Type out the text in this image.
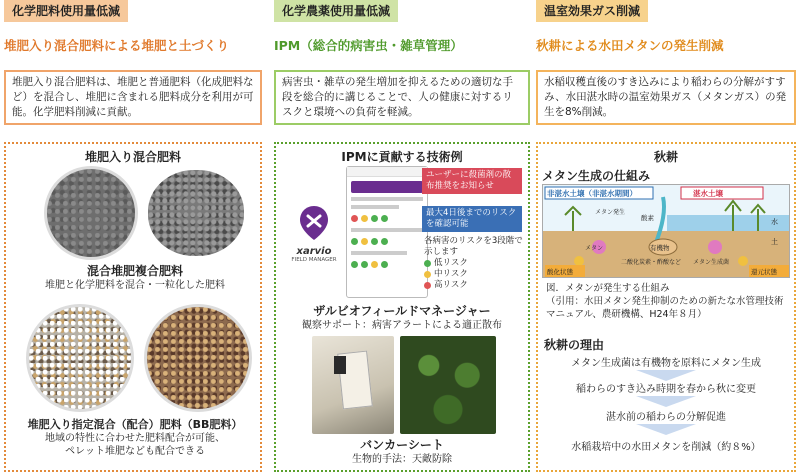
化学肥料使用量低減
堆肥入り混合肥料による堆肥と土づくり
堆肥入り混合肥料は、堆肥と普通肥料（化成肥料など）を混合し、堆肥に含まれる肥料成分を利用が可能。化学肥料削減に貢献。
堆肥入り混合肥料
混合堆肥複合肥料
堆肥と化学肥料を混合・一粒化した肥料
堆肥入り指定混合（配合）肥料（BB肥料）
地域の特性に合わせた肥料配合が可能、
ペレット堆肥なども配合できる
化学農薬使用量低減
IPM（総合的病害虫・雑草管理）
病害虫・雑草の発生増加を抑えるための適切な手段を総合的に講じることで、人の健康に対するリスクと環境への負荷を軽減。
IPMに貢献する技術例
xarvio
FIELD MANAGER
ユーザーに殺菌剤の散布推奨をお知らせ
最大4日後までのリスクを確認可能
各病害のリスクを3段階で示します
低リスク
中リスク
高リスク
ザルビオフィールドマネージャー
観察サポート：病害アラートによる適正散布
バンカーシート
生物的手法：天敵防除
温室効果ガス削減
秋耕による水田メタンの発生削減
水稲収穫直後のすき込みにより稲わらの分解がすすみ、水田湛水時の温室効果ガス（メタンガス）の発生を8%削減。
秋耕
メタン生成の仕組み
非湛水土壌（非湛水期間）	湛水土壌
メタン発生
酸素	水
土
有機物
メタン
二酸化炭素・酢酸など メタン生成菌
酸化状態	還元状態
図．メタンが発生する仕組み
（引用：水田メタン発生抑制のための新たな水管理技術マニュアル、農研機構、H24年８月）
秋耕の理由
メタン生成菌は有機物を原料にメタン生成
稲わらのすき込み時期を春から秋に変更
湛水前の稲わらの分解促進
水稲栽培中の水田メタンを削減（約８%）
